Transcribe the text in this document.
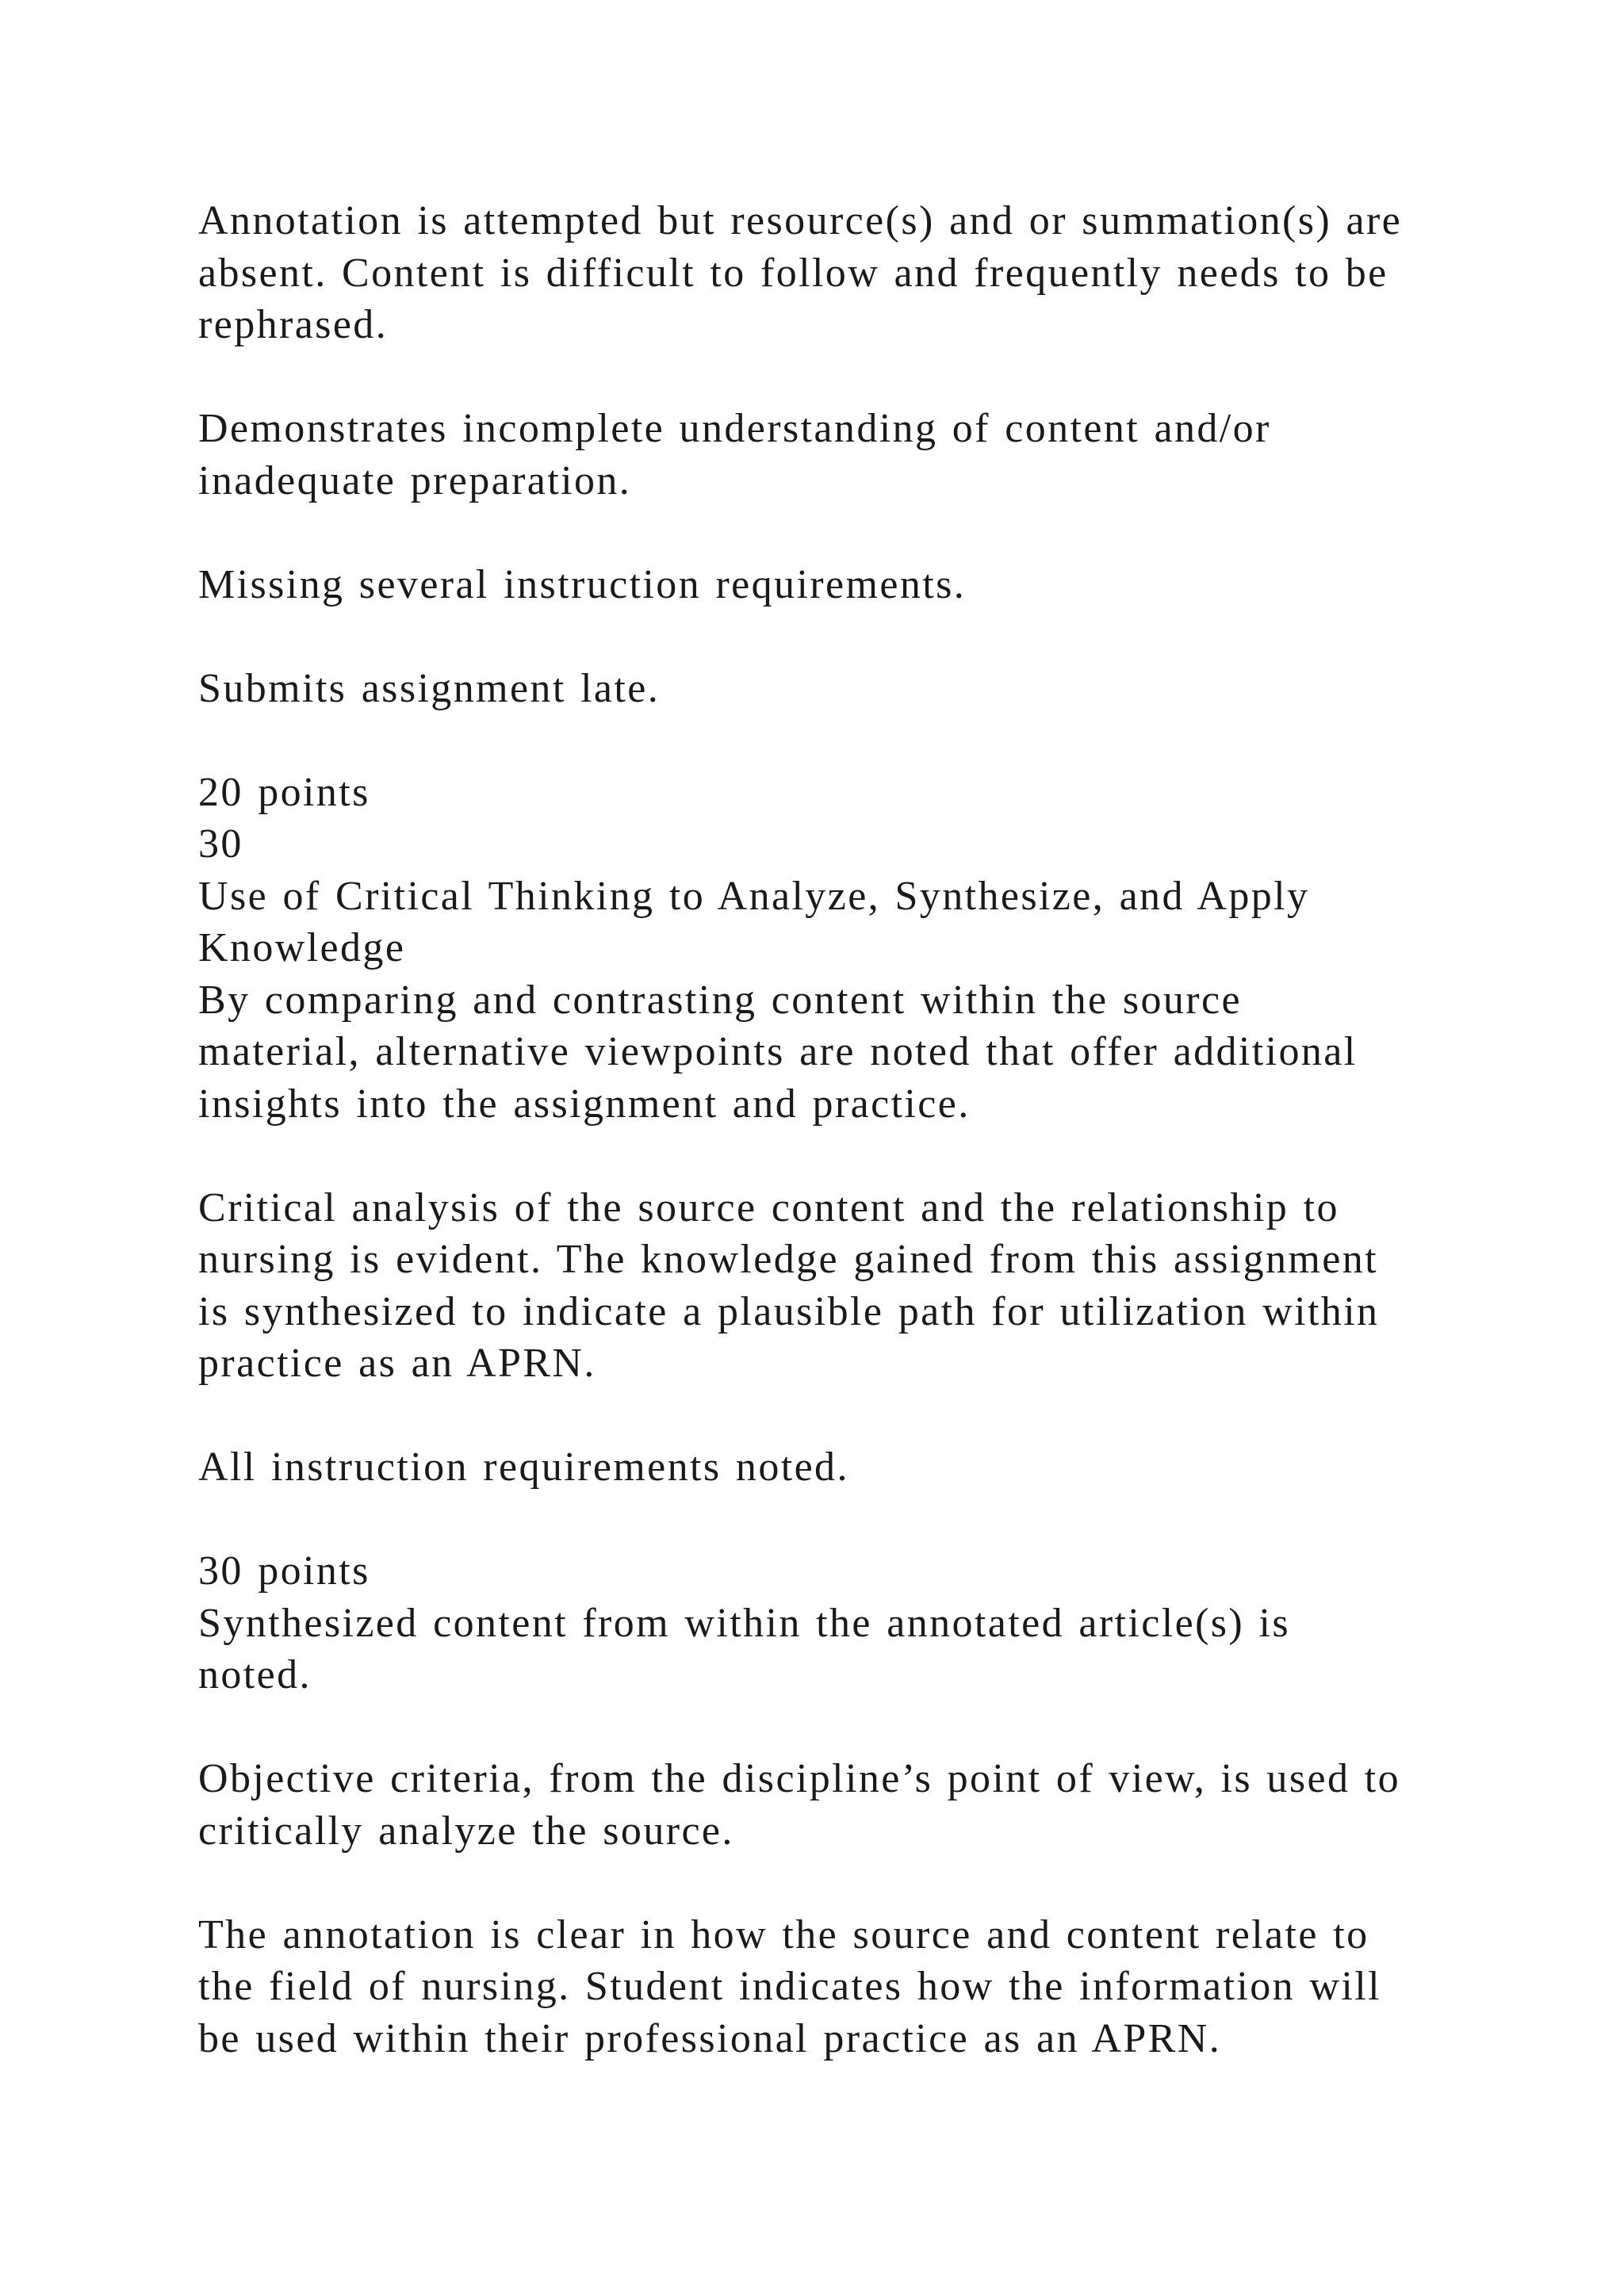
Annotation is attempted but resource(s) and or summation(s) are
absent. Content is difficult to follow and frequently needs to be
rephrased.
Demonstrates incomplete understanding of content and/or
inadequate preparation.
Missing several instruction requirements.
Submits assignment late.
20 points
30
Use of Critical Thinking to Analyze, Synthesize, and Apply
Knowledge
By comparing and contrasting content within the source
material, alternative viewpoints are noted that offer additional
insights into the assignment and practice.
Critical analysis of the source content and the relationship to
nursing is evident. The knowledge gained from this assignment
is synthesized to indicate a plausible path for utilization within
practice as an APRN.
All instruction requirements noted.
30 points
Synthesized content from within the annotated article(s) is
noted.
Objective criteria, from the discipline’s point of view, is used to
critically analyze the source.
The annotation is clear in how the source and content relate to
the field of nursing. Student indicates how the information will
be used within their professional practice as an APRN.
